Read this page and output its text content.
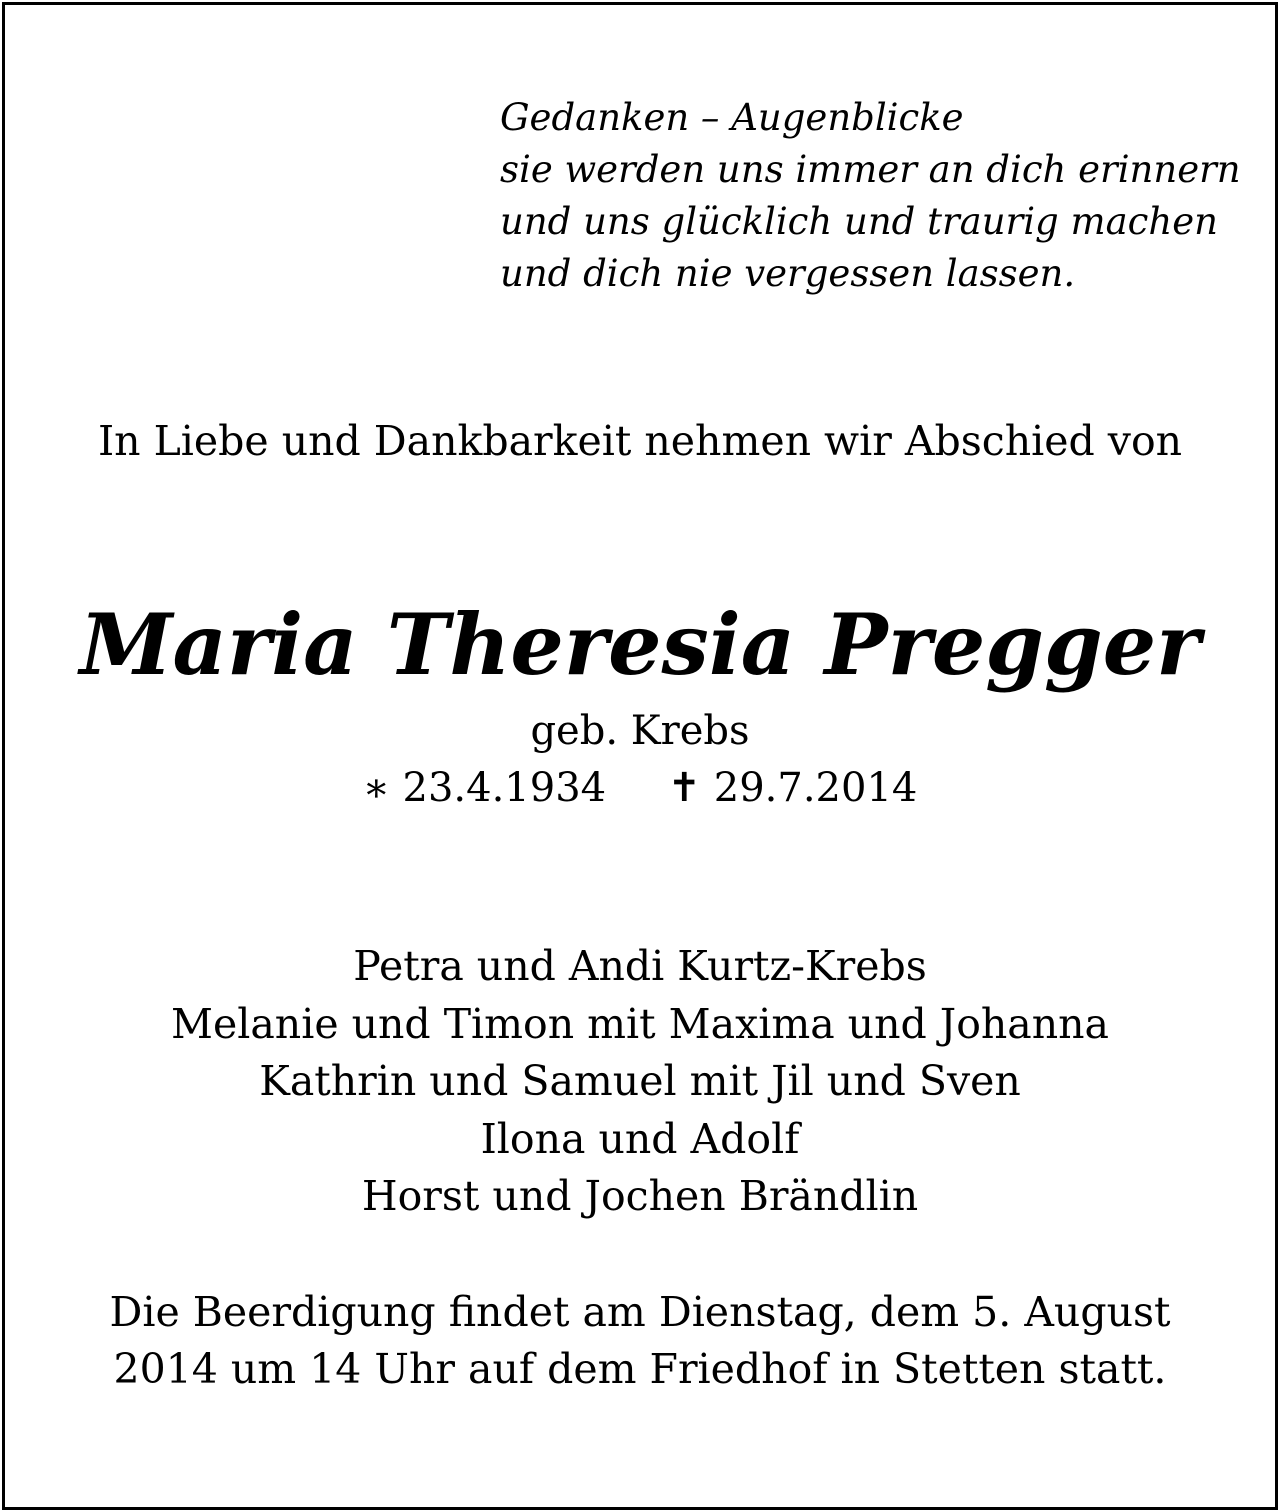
Gedanken – Augenblicke
sie werden uns immer an dich erinnern
und uns glücklich und traurig machen
und dich nie vergessen lassen.
In Liebe und Dankbarkeit nehmen wir Abschied von
Maria Theresia Pregger
geb. Krebs
∗ 23.4.1934 ✝ 29.7.2014
Petra und Andi Kurtz-Krebs
Melanie und Timon mit Maxima und Johanna
Kathrin und Samuel mit Jil und Sven
Ilona und Adolf
Horst und Jochen Brändlin
Die Beerdigung findet am Dienstag, dem 5. August
2014 um 14 Uhr auf dem Friedhof in Stetten statt.
